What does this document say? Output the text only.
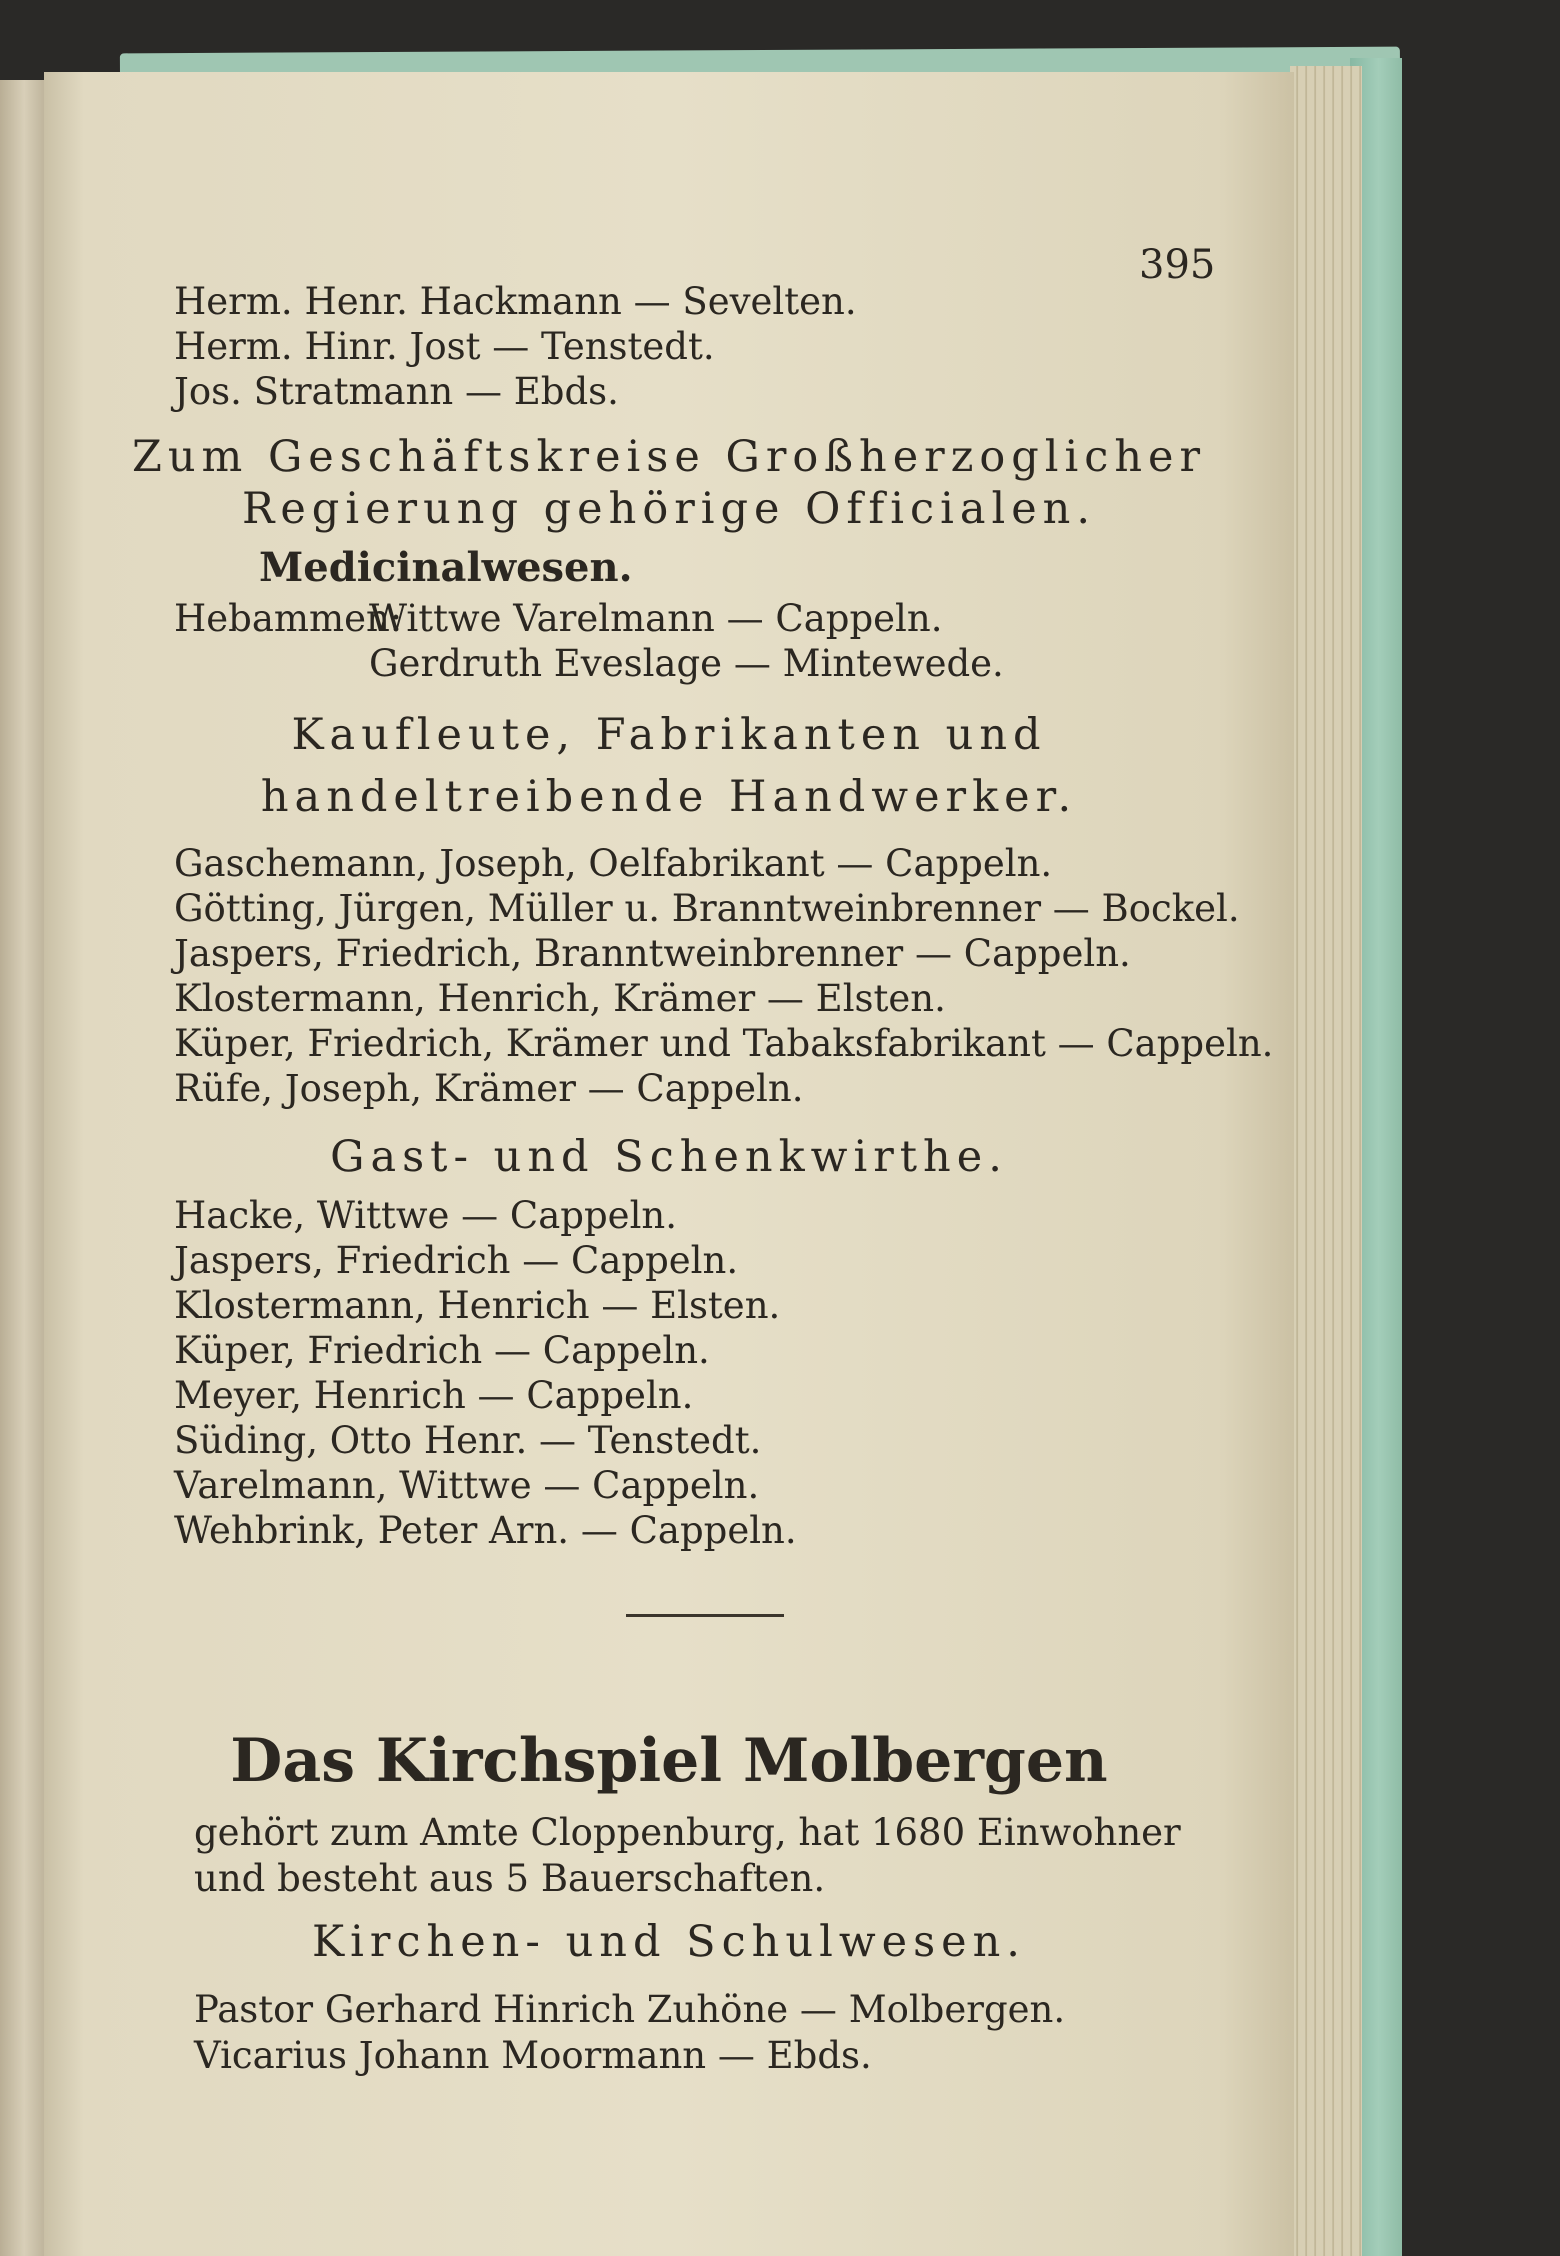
395
Herm. Henr. Hackmann — Sevelten.
Herm. Hinr. Jost — Tenstedt.
Jos. Stratmann — Ebds.
Zum Geschäftskreise Großherzoglicher
Regierung gehörige Officialen.
Medicinalwesen.
Hebammen:
Wittwe Varelmann — Cappeln.
Gerdruth Eveslage — Mintewede.
Kaufleute, Fabrikanten und
handeltreibende Handwerker.
Gaschemann, Joseph, Oelfabrikant — Cappeln.
Götting, Jürgen, Müller u. Branntweinbrenner — Bockel.
Jaspers, Friedrich, Branntweinbrenner — Cappeln.
Klostermann, Henrich, Krämer — Elsten.
Küper, Friedrich, Krämer und Tabaksfabrikant — Cappeln.
Rüfe, Joseph, Krämer — Cappeln.
Gast- und Schenkwirthe.
Hacke, Wittwe — Cappeln.
Jaspers, Friedrich — Cappeln.
Klostermann, Henrich — Elsten.
Küper, Friedrich — Cappeln.
Meyer, Henrich — Cappeln.
Süding, Otto Henr. — Tenstedt.
Varelmann, Wittwe — Cappeln.
Wehbrink, Peter Arn. — Cappeln.
Das Kirchspiel Molbergen
gehört zum Amte Cloppenburg, hat 1680 Einwohner und besteht aus 5 Bauerschaften.
Kirchen- und Schulwesen.
Pastor Gerhard Hinrich Zuhöne — Molbergen.
Vicarius Johann Moormann — Ebds.
